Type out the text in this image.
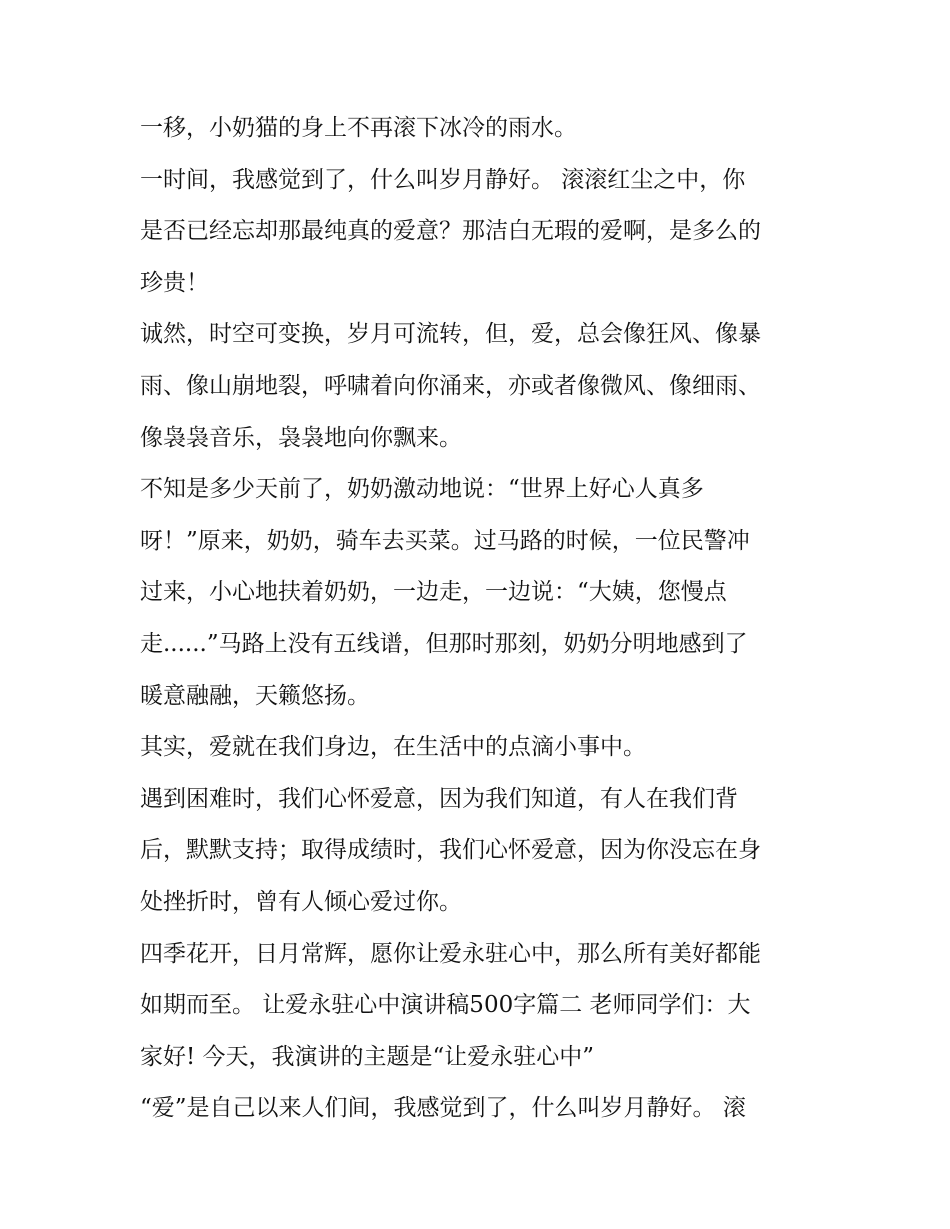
一移，小奶猫的身上不再滚下冰冷的雨水。
一时间，我感觉到了，什么叫岁月静好。 滚滚红尘之中，你
是否已经忘却那最纯真的爱意？那洁白无瑕的爱啊，是多么的
珍贵！
诚然，时空可变换，岁月可流转，但，爱，总会像狂风、像暴
雨、像山崩地裂，呼啸着向你涌来，亦或者像微风、像细雨、
像袅袅音乐，袅袅地向你飘来。
不知是多少天前了，奶奶激动地说：“世界上好心人真多
呀！”原来，奶奶，骑车去买菜。过马路的时候，一位民警冲
过来，小心地扶着奶奶，一边走，一边说：“大姨，您慢点
走......”马路上没有五线谱，但那时那刻，奶奶分明地感到了
暖意融融，天籁悠扬。
其实，爱就在我们身边，在生活中的点滴小事中。
遇到困难时，我们心怀爱意，因为我们知道，有人在我们背
后，默默支持；取得成绩时，我们心怀爱意，因为你没忘在身
处挫折时，曾有人倾心爱过你。
四季花开，日月常辉，愿你让爱永驻心中，那么所有美好都能
如期而至。 让爱永驻心中演讲稿500字篇二 老师同学们：大
家好! 今天，我演讲的主题是“让爱永驻心中”
“爱”是自己以来人们间，我感觉到了，什么叫岁月静好。 滚
